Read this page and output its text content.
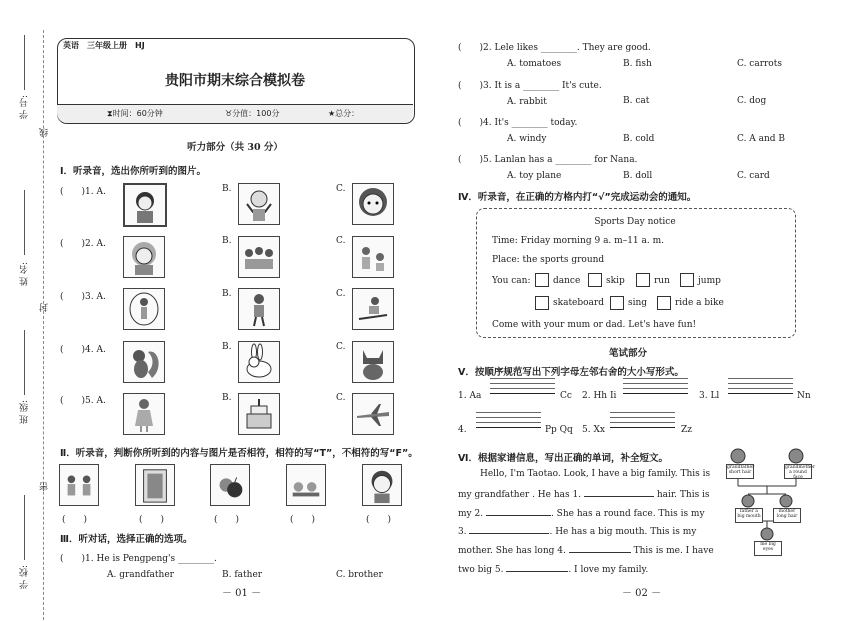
学 号:
线
姓 名:
封
班 级:
密
学 校:
英语　三年级上册　HJ
贵阳市期末综合模拟卷
⧗时间：60分钟	♉分值：100分	★总分：
听力部分（共 30 分）
Ⅰ．听录音，选出你所听到的图片。
(　　)1. A.	B.	C.
(　　)2. A.	B.	C.
(　　)3. A.	B.	C.
(　　)4. A.	B.	C.
(　　)5. A.	B.	C.
Ⅱ．听录音，判断你所听到的内容与图片是否相符，相符的写“T”，不相符的写“F”。
(　　)	(　　)	(　　)	(　　)	(　　)
Ⅲ．听对话，选择正确的选项。
(　　)1. He is Pengpeng's ________.
A. grandfather	B. father	C. brother
－ 01 －
(　　)2. Lele likes ________. They are good.
A. tomatoes	B. fish	C. carrots
(　　)3. It is a ________ It's cute.
A. rabbit	B. cat	C. dog
(　　)4. It's ________ today.
A. windy	B. cold	C. A and B
(　　)5. Lanlan has a ________ for Nana.
A. toy plane	B. doll	C. card
Ⅳ．听录音，在正确的方格内打“√”完成运动会的通知。
Sports Day notice
Time: Friday morning 9 a. m–11 a. m.
Place: the sports ground
You can:	dance	skip	run	jump
skateboard	sing	ride a bike
Come with your mum or dad. Let's have fun!
笔试部分
Ⅴ．按顺序规范写出下列字母左邻右舍的大小写形式。
1. Aa	Cc 2. Hh Ii	3. Ll	Nn
4.	Pp Qq 5. Xx	Zz
Ⅵ．根据家谱信息，写出正确的单词，补全短文。
Hello, I'm Taotao. Look, I have a big family. This is
my grandfather . He has 1.	hair. This is
my 2.	. She has a round face. This is my
3.	. He has a big mouth. This is my
mother. She has long 4.	This is me. I have
two big 5.	. I love my family.
grandfather short hair
grandmother a round face
father a big mouth
mother long hair
me big eyes
－ 02 －
